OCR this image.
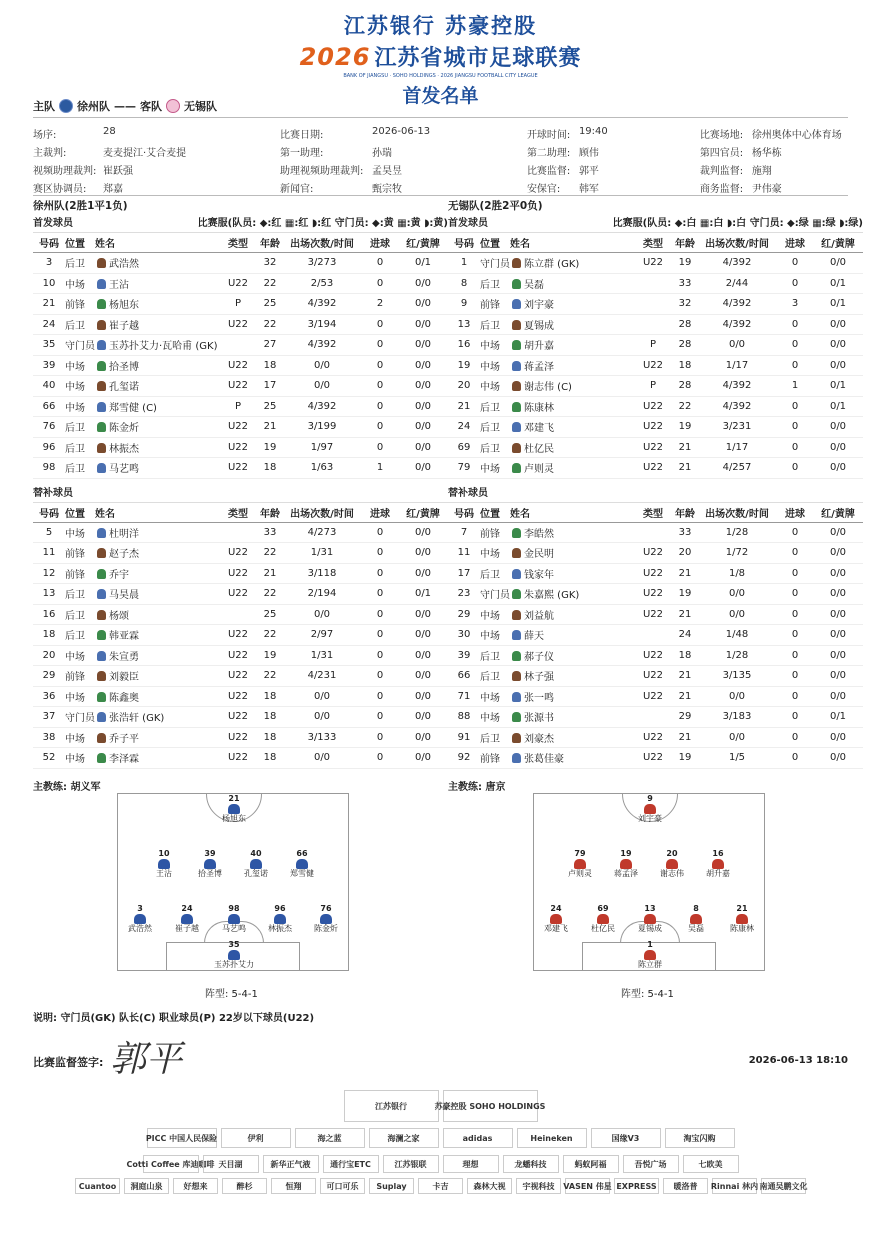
江苏银行 苏豪控股
2026 江苏省城市足球联赛
BANK OF JIANGSU · SOHO HOLDINGS · 2026 JIANGSU FOOTBALL CITY LEAGUE
首发名单
主队 徐州队 —— 客队 无锡队
场序:	28	比赛日期:	2026-06-13	开球时间: 19:40	比赛场地: 徐州奥体中心体育场
主裁判:	麦麦提江·艾合麦提	第一助理:	孙瑞	第二助理: 顾伟	第四官员: 杨华栋
视频助理裁判: 崔跃强	助理视频助理裁判: 孟昊昱	比赛监督: 郭平	裁判监督: 施翔
赛区协调员:	郑嘉	新闻官:	甄宗牧	安保官:	韩军	商务监督: 尹伟豪
徐州队(2胜1平1负)
首发球员	比赛服(队员: ◆:红 ▦:红 ◗:红 守门员: ◆:黄 ▦:黄 ◗:黄)
号码	位置	姓名	类型	年龄	出场次数/时间	进球	红/黄牌
3	后卫	武浩然		32	3/273	0	0/1
10	中场	王沾	U22	22	2/53	0	0/0
21	前锋	杨旭东	P	25	4/392	2	0/0
24	后卫	崔子越	U22	22	3/194	0	0/0
35	守门员	玉苏扑艾力·瓦哈甫 (GK)		27	4/392	0	0/0
39	中场	拾圣博	U22	18	0/0	0	0/0
40	中场	孔玺诺	U22	17	0/0	0	0/0
66	中场	郑雪健 (C)	P	25	4/392	0	0/0
76	后卫	陈金炘	U22	21	3/199	0	0/0
96	后卫	林振杰	U22	19	1/97	0	0/0
98	后卫	马艺鸣	U22	18	1/63	1	0/0
替补球员
号码	位置	姓名	类型	年龄	出场次数/时间	进球	红/黄牌
5	中场	杜明洋		33	4/273	0	0/0
11	前锋	赵子杰	U22	22	1/31	0	0/0
12	前锋	乔宇	U22	21	3/118	0	0/0
13	后卫	马昊晨	U22	22	2/194	0	0/1
16	后卫	杨颂		25	0/0	0	0/0
18	后卫	韩亚霖	U22	22	2/97	0	0/0
20	中场	朱宣勇	U22	19	1/31	0	0/0
29	前锋	刘毅臣	U22	22	4/231	0	0/0
36	中场	陈鑫奥	U22	18	0/0	0	0/0
37	守门员	张浩轩 (GK)	U22	18	0/0	0	0/0
38	中场	乔子平	U22	18	3/133	0	0/0
52	中场	李泽霖	U22	18	0/0	0	0/0
主教练: 胡义军
无锡队(2胜2平0负)
首发球员	比赛服(队员: ◆:白 ▦:白 ◗:白 守门员: ◆:绿 ▦:绿 ◗:绿)
号码	位置	姓名	类型	年龄	出场次数/时间	进球	红/黄牌
1	守门员	陈立群 (GK)	U22	19	4/392	0	0/0
8	后卫	吴磊		33	2/44	0	0/1
9	前锋	刘宇豪		32	4/392	3	0/1
13	后卫	夏锡成		28	4/392	0	0/0
16	中场	胡升嘉	P	28	0/0	0	0/0
19	中场	蒋孟泽	U22	18	1/17	0	0/0
20	中场	谢志伟 (C)	P	28	4/392	1	0/1
21	后卫	陈康林	U22	22	4/392	0	0/1
24	后卫	邓建飞	U22	19	3/231	0	0/0
69	后卫	杜亿民	U22	21	1/17	0	0/0
79	中场	卢则灵	U22	21	4/257	0	0/0
替补球员
号码	位置	姓名	类型	年龄	出场次数/时间	进球	红/黄牌
7	前锋	李皓然		33	1/28	0	0/0
11	中场	金民明	U22	20	1/72	0	0/0
17	后卫	钱家年	U22	21	1/8	0	0/0
23	守门员	朱嘉熙 (GK)	U22	19	0/0	0	0/0
29	中场	刘益航	U22	21	0/0	0	0/0
30	中场	薛天		24	1/48	0	0/0
39	后卫	郝子仪	U22	18	1/28	0	0/0
66	后卫	林子强	U22	21	3/135	0	0/0
71	中场	张一鸣	U22	21	0/0	0	0/0
88	中场	张源书		29	3/183	0	0/1
91	后卫	刘豪杰	U22	21	0/0	0	0/0
92	前锋	张葛佳豪	U22	19	1/5	0	0/0
主教练: 唐京
21
杨旭东
10
王沾
39
拾圣博
40
孔玺诺
66
郑雪健
3
武浩然
24
崔子越
98
马艺鸣
96
林振杰
76
陈金炘
35
玉苏扑艾力
阵型: 5-4-1
9
刘宇豪
79
卢则灵
19
蒋孟泽
20
谢志伟
16
胡升嘉
24
邓建飞
69
杜亿民
13
夏锡成
8
吴磊
21
陈康林
1
陈立群
阵型: 5-4-1
说明: 守门员(GK) 队长(C) 职业球员(P) 22岁以下球员(U22)
比赛监督签字: 郭平	2026-06-13 18:10
江苏银行	苏豪控股 SOHO HOLDINGS
PICC 中国人民保险	伊利	海之蓝	海澜之家	adidas	Heineken	国缘V3	淘宝闪购
Cotti Coffee 库迪咖啡 天目湖	新华正气液	通行宝ETC	江苏银联	理想	龙蟠科技	蚂蚁阿福	吾悦广场	七欧美
Cuantoo	洞庭山泉	好想来	醉杉	恒翔	可口可乐	Suplay	卡吉	森林大视	宇视科技	VASEN 伟星 EXPRESS	暖洛普	Rinnai 林内 南通吴鹏文化
